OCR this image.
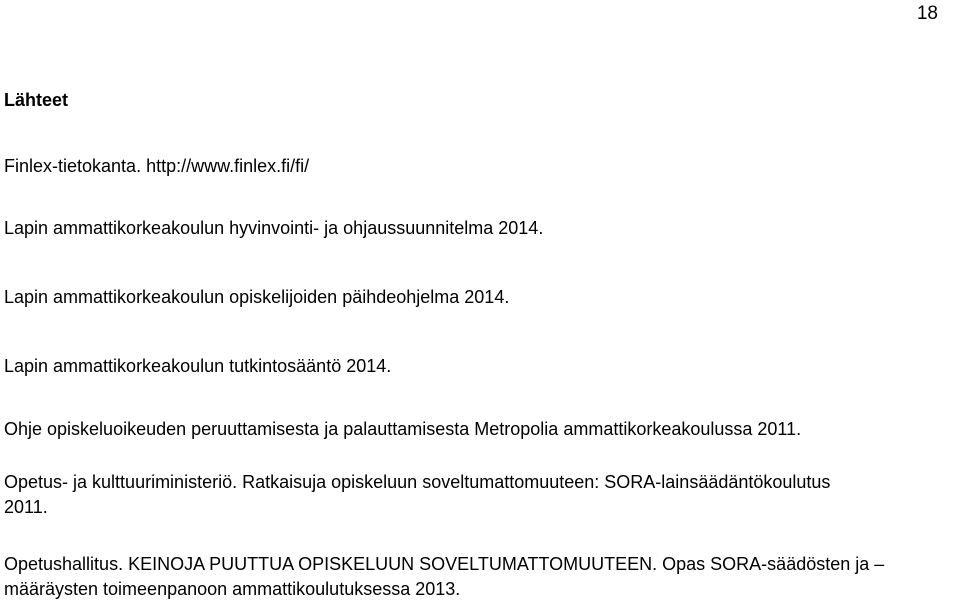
18
Lähteet
Finlex-tietokanta. http://www.finlex.fi/fi/
Lapin ammattikorkeakoulun hyvinvointi- ja ohjaussuunnitelma 2014.
Lapin ammattikorkeakoulun opiskelijoiden päihdeohjelma 2014.
Lapin ammattikorkeakoulun tutkintosääntö 2014.
Ohje opiskeluoikeuden peruuttamisesta ja palauttamisesta Metropolia ammattikorkeakoulussa 2011.
Opetus- ja kulttuuriministeriö. Ratkaisuja opiskeluun soveltumattomuuteen: SORA-lainsäädäntökoulutus
2011.
Opetushallitus. KEINOJA PUUTTUA OPISKELUUN SOVELTUMATTOMUUTEEN. Opas SORA-säädösten ja –
määräysten toimeenpanoon ammattikoulutuksessa 2013.
